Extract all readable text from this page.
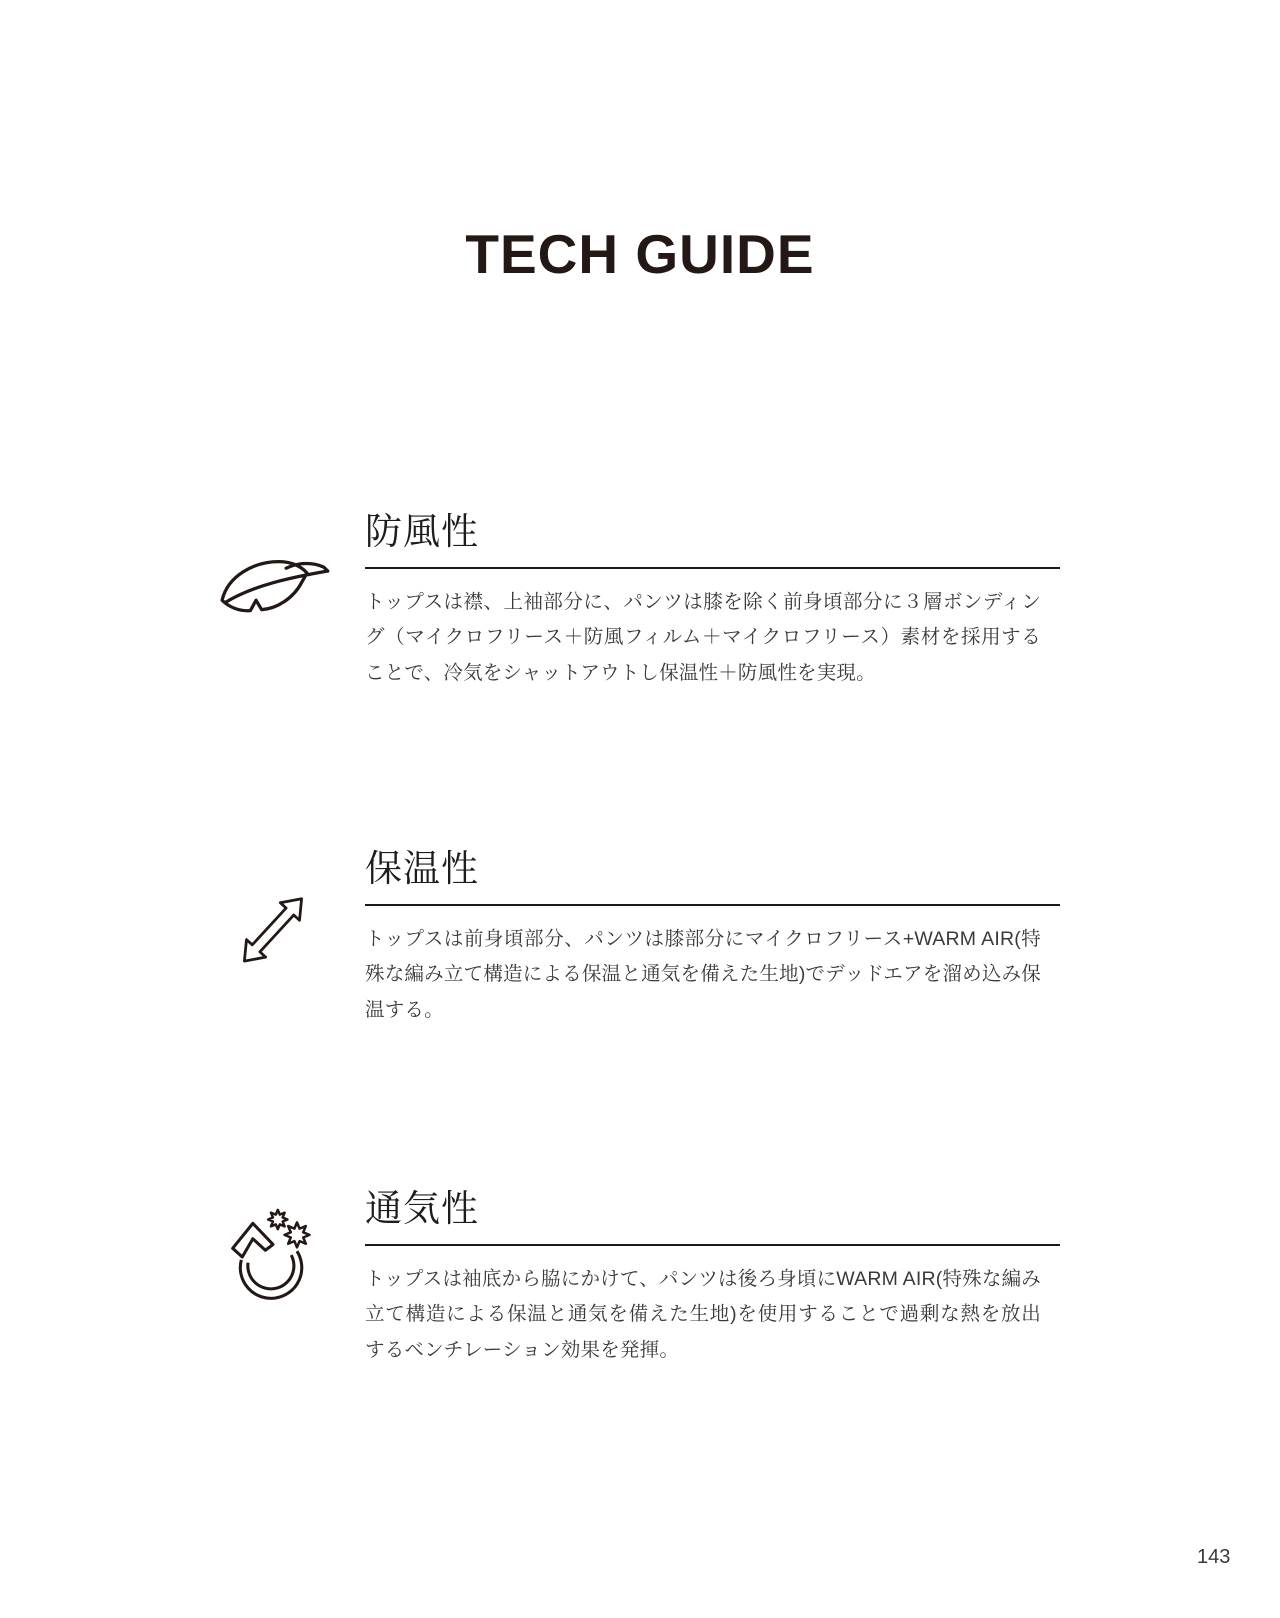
TECH GUIDE
防風性

トップスは襟、上袖部分に、パンツは膝を除く前身頃部分に３層ボンディング（マイクロフリース＋防風フィルム＋マイクロフリース）素材を採用することで、冷気をシャットアウトし保温性＋防風性を実現。

保温性

トップスは前身頃部分、パンツは膝部分にマイクロフリース+WARM AIR(特殊な編み立て構造による保温と通気を備えた生地)でデッドエアを溜め込み保温する。

通気性

トップスは袖底から脇にかけて、パンツは後ろ身頃にWARM AIR(特殊な編み立て構造による保温と通気を備えた生地)を使用することで過剰な熱を放出するベンチレーション効果を発揮。

143
